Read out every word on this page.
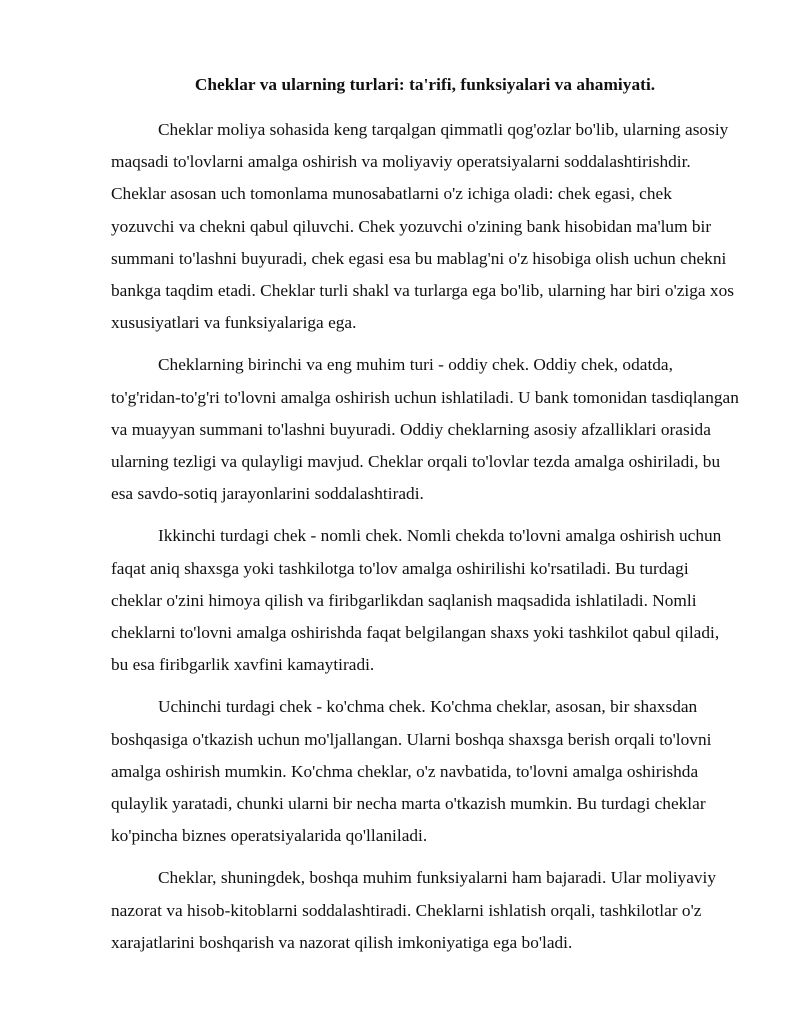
Cheklar va ularning turlari: ta'rifi, funksiyalari va ahamiyati.

Cheklar moliya sohasida keng tarqalgan qimmatli qog'ozlar bo'lib, ularning asosiy maqsadi to'lovlarni amalga oshirish va moliyaviy operatsiyalarni soddalashtirishdir. Cheklar asosan uch tomonlama munosabatlarni o'z ichiga oladi: chek egasi, chek yozuvchi va chekni qabul qiluvchi. Chek yozuvchi o'zining bank hisobidan ma'lum bir summani to'lashni buyuradi, chek egasi esa bu mablag'ni o'z hisobiga olish uchun chekni bankga taqdim etadi. Cheklar turli shakl va turlarga ega bo'lib, ularning har biri o'ziga xos xususiyatlari va funksiyalariga ega.

Cheklarning birinchi va eng muhim turi - oddiy chek. Oddiy chek, odatda, to'g'ridan-to'g'ri to'lovni amalga oshirish uchun ishlatiladi. U bank tomonidan tasdiqlangan va muayyan summani to'lashni buyuradi. Oddiy cheklarning asosiy afzalliklari orasida ularning tezligi va qulayligi mavjud. Cheklar orqali to'lovlar tezda amalga oshiriladi, bu esa savdo-sotiq jarayonlarini soddalashtiradi.

Ikkinchi turdagi chek - nomli chek. Nomli chekda to'lovni amalga oshirish uchun faqat aniq shaxsga yoki tashkilotga to'lov amalga oshirilishi ko'rsatiladi. Bu turdagi cheklar o'zini himoya qilish va firibgarlikdan saqlanish maqsadida ishlatiladi. Nomli cheklarni to'lovni amalga oshirishda faqat belgilangan shaxs yoki tashkilot qabul qiladi, bu esa firibgarlik xavfini kamaytiradi.

Uchinchi turdagi chek - ko'chma chek. Ko'chma cheklar, asosan, bir shaxsdan boshqasiga o'tkazish uchun mo'ljallangan. Ularni boshqa shaxsga berish orqali to'lovni amalga oshirish mumkin. Ko'chma cheklar, o'z navbatida, to'lovni amalga oshirishda qulaylik yaratadi, chunki ularni bir necha marta o'tkazish mumkin. Bu turdagi cheklar ko'pincha biznes operatsiyalarida qo'llaniladi.

Cheklar, shuningdek, boshqa muhim funksiyalarni ham bajaradi. Ular moliyaviy nazorat va hisob-kitoblarni soddalashtiradi. Cheklarni ishlatish orqali, tashkilotlar o'z xarajatlarini boshqarish va nazorat qilish imkoniyatiga ega bo'ladi.
